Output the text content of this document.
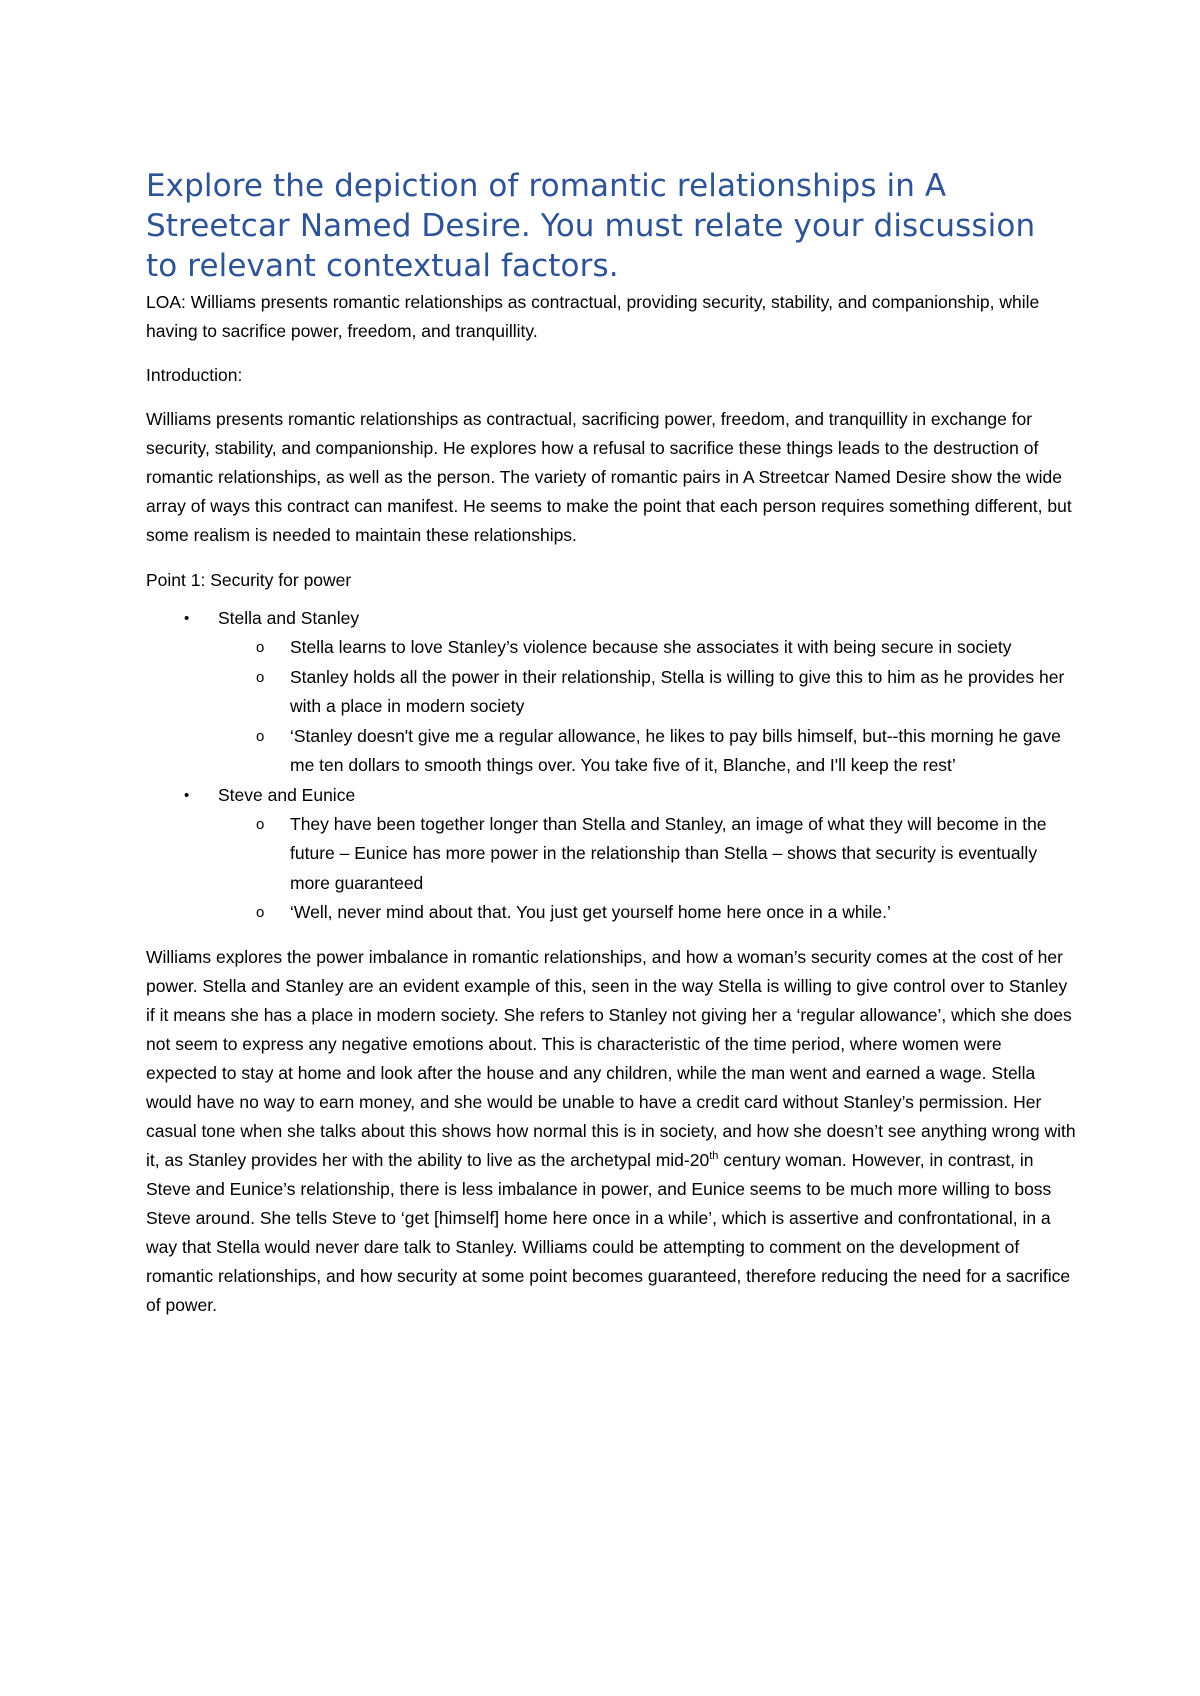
Explore the depiction of romantic relationships in A Streetcar Named Desire. You must relate your discussion to relevant contextual factors.

LOA: Williams presents romantic relationships as contractual, providing security, stability, and companionship, while having to sacrifice power, freedom, and tranquillity.

Introduction:

Williams presents romantic relationships as contractual, sacrificing power, freedom, and tranquillity in exchange for security, stability, and companionship. He explores how a refusal to sacrifice these things leads to the destruction of romantic relationships, as well as the person. The variety of romantic pairs in A Streetcar Named Desire show the wide array of ways this contract can manifest. He seems to make the point that each person requires something different, but some realism is needed to maintain these relationships.

Point 1: Security for power

• Stella and Stanley
o Stella learns to love Stanley’s violence because she associates it with being secure in society
o Stanley holds all the power in their relationship, Stella is willing to give this to him as he provides her with a place in modern society
o ‘Stanley doesn't give me a regular allowance, he likes to pay bills himself, but--this morning he gave me ten dollars to smooth things over. You take five of it, Blanche, and I'll keep the rest’
• Steve and Eunice
o They have been together longer than Stella and Stanley, an image of what they will become in the future – Eunice has more power in the relationship than Stella – shows that security is eventually more guaranteed
o ‘Well, never mind about that. You just get yourself home here once in a while.’

Williams explores the power imbalance in romantic relationships, and how a woman’s security comes at the cost of her power. Stella and Stanley are an evident example of this, seen in the way Stella is willing to give control over to Stanley if it means she has a place in modern society. She refers to Stanley not giving her a ‘regular allowance’, which she does not seem to express any negative emotions about. This is characteristic of the time period, where women were expected to stay at home and look after the house and any children, while the man went and earned a wage. Stella would have no way to earn money, and she would be unable to have a credit card without Stanley’s permission. Her casual tone when she talks about this shows how normal this is in society, and how she doesn’t see anything wrong with it, as Stanley provides her with the ability to live as the archetypal mid-20th century woman. However, in contrast, in Steve and Eunice’s relationship, there is less imbalance in power, and Eunice seems to be much more willing to boss Steve around. She tells Steve to ‘get [himself] home here once in a while’, which is assertive and confrontational, in a way that Stella would never dare talk to Stanley. Williams could be attempting to comment on the development of romantic relationships, and how security at some point becomes guaranteed, therefore reducing the need for a sacrifice of power.
